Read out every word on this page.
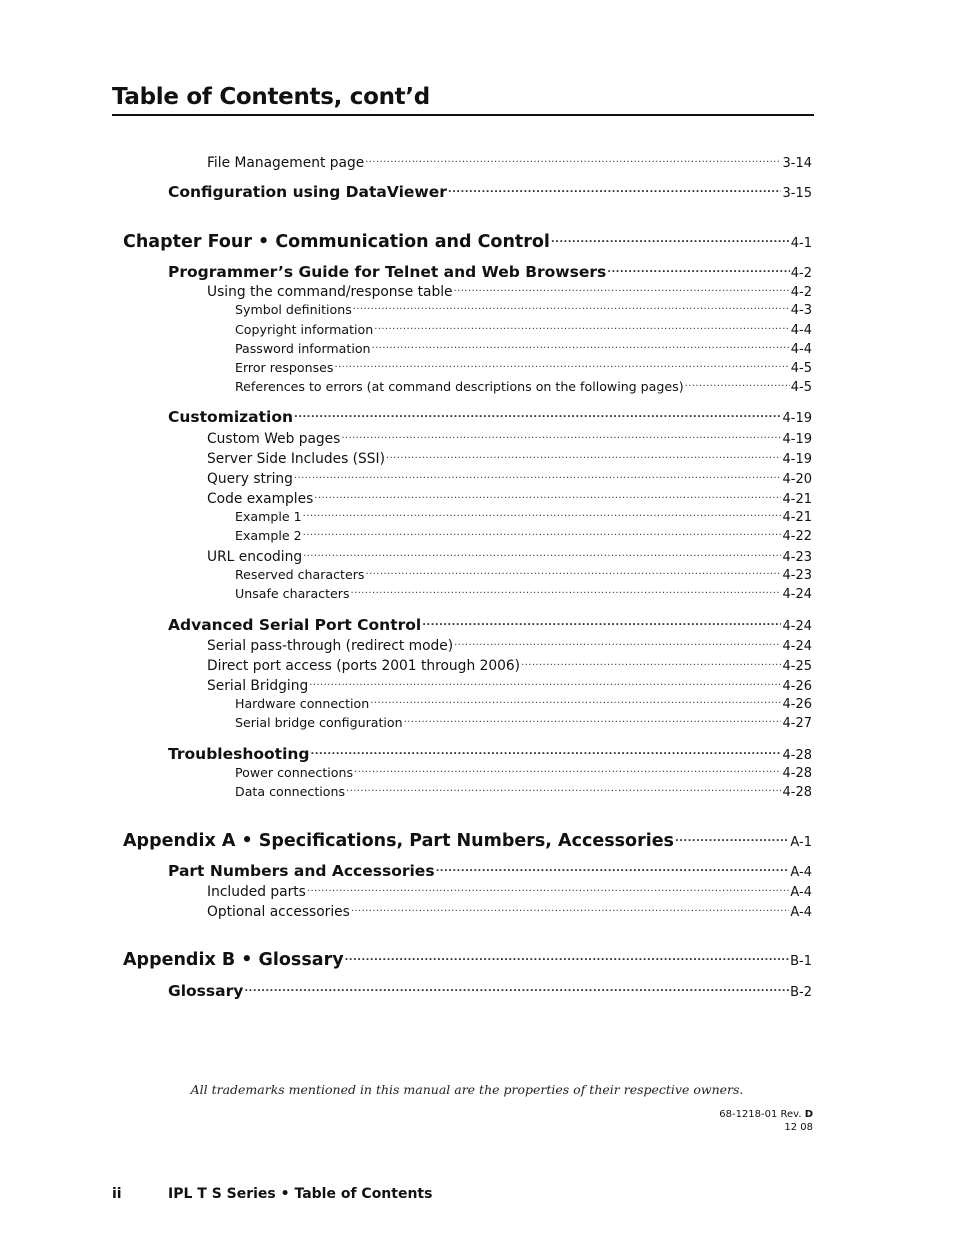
Table of Contents, cont’d
File Management page .....	3-14
Configuration using DataViewer .....	3-15
Chapter Four • Communication and Control .....	4-1
Programmer’s Guide for Telnet and Web Browsers .....	4-2
Using the command/response table .....	4-2
Symbol definitions .....	4-3
Copyright information .....	4-4
Password information .....	4-4
Error responses .....	4-5
References to errors (at command descriptions on the following pages) .....	4-5
Customization .....	4-19
Custom Web pages .....	4-19
Server Side Includes (SSI) .....	4-19
Query string .....	4-20
Code examples .....	4-21
Example 1 .....	4-21
Example 2 .....	4-22
URL encoding .....	4-23
Reserved characters .....	4-23
Unsafe characters .....	4-24
Advanced Serial Port Control .....	4-24
Serial pass-through (redirect mode) .....	4-24
Direct port access (ports 2001 through 2006) .....	4-25
Serial Bridging .....	4-26
Hardware connection .....	4-26
Serial bridge configuration .....	4-27
Troubleshooting .....	4-28
Power connections .....	4-28
Data connections .....	4-28
Appendix A • Specifications, Part Numbers, Accessories .....	A-1
Part Numbers and Accessories .....	A-4
Included parts .....	A-4
Optional accessories .....	A-4
Appendix B • Glossary .....	B-1
Glossary .....	B-2

All trademarks mentioned in this manual are the properties of their respective owners.

68-1218-01 Rev. D
12 08
ii	IPL T S Series • Table of Contents
